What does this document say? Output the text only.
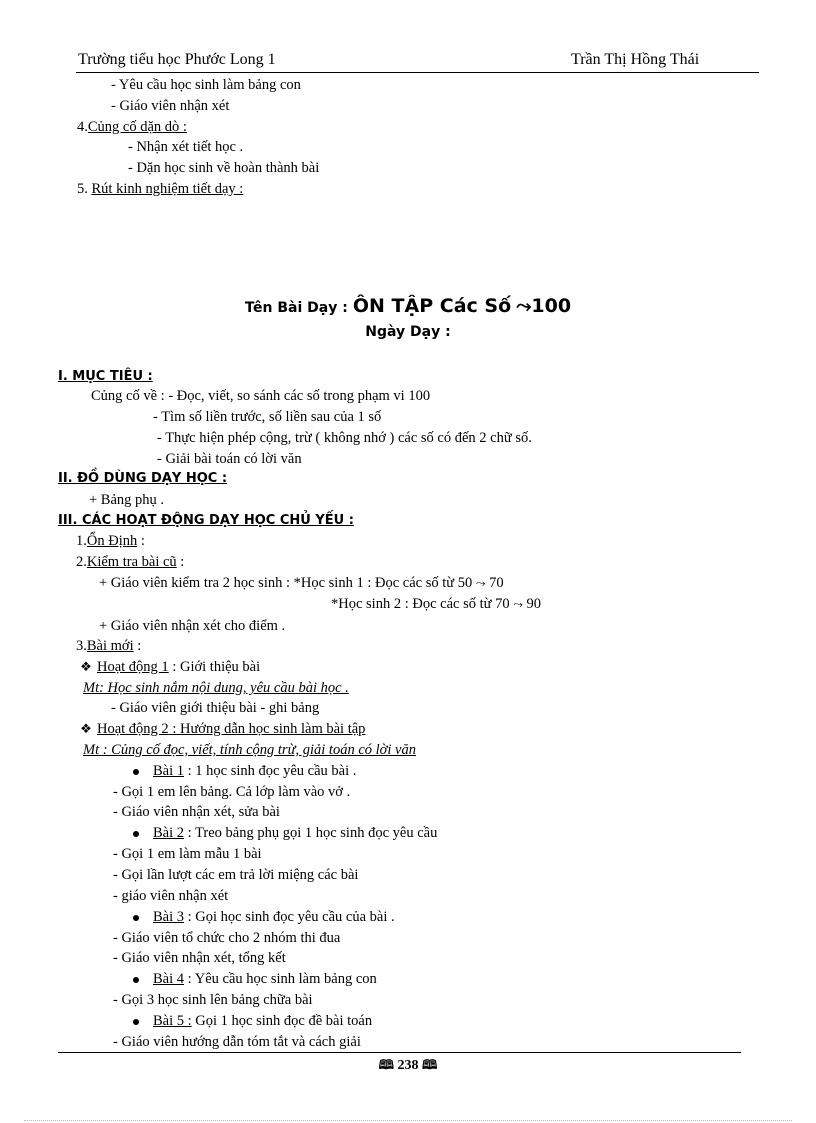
Trường tiểu học Phước Long 1	Trần Thị Hồng Thái
- Yêu cầu học sinh làm bảng con
- Giáo viên nhận xét
4.Củng cố dặn dò :
- Nhận xét tiết học .
- Dặn học sinh về hoàn thành bài
5. Rút kinh nghiệm tiết dạy :
Tên Bài Dạy : ÔN TẬP Các Số ⤳100
Ngày Dạy :
I. MỤC TIÊU :
Củng cố về : - Đọc, viết, so sánh các số trong phạm vi 100
- Tìm số liền trước, số liền sau của 1 số
- Thực hiện phép cộng, trừ ( không nhớ ) các số có đến 2 chữ số.
- Giải bài toán có lời văn
II. ĐỒ DÙNG DẠY HỌC :
+ Bảng phụ .
III. CÁC HOẠT ĐỘNG DẠY HỌC CHỦ YẾU :
1.Ổn Định :
2.Kiểm tra bài cũ :
+ Giáo viên kiểm tra 2 học sinh : *Học sinh 1 : Đọc các số từ 50 ⤳ 70
*Học sinh 2 : Đọc các số từ 70 ⤳ 90
+ Giáo viên nhận xét cho điểm .
3.Bài mới :
❖ Hoạt động 1 : Giới thiệu bài
Mt: Học sinh nắm nội dung, yêu cầu bài học .
- Giáo viên giới thiệu bài - ghi bảng
❖ Hoạt động 2 : Hướng dẫn học sinh làm bài tập
Mt : Củng cố đọc, viết, tính cộng trừ, giải toán có lời văn
Bài 1 : 1 học sinh đọc yêu cầu bài .
- Gọi 1 em lên bảng. Cả lớp làm vào vở .
- Giáo viên nhận xét, sửa bài
Bài 2 : Treo bảng phụ gọi 1 học sinh đọc yêu cầu
- Gọi 1 em làm mẫu 1 bài
- Gọi lần lượt các em trả lời miệng các bài
- giáo viên nhận xét
Bài 3 : Gọi học sinh đọc yêu cầu của bài .
- Giáo viên tổ chức cho 2 nhóm thi đua
- Giáo viên nhận xét, tổng kết
Bài 4 : Yêu cầu học sinh làm bảng con
- Gọi 3 học sinh lên bảng chữa bài
Bài 5 : Gọi 1 học sinh đọc đề bài toán
- Giáo viên hướng dẫn tóm tắt và cách giải
🕮 238 🕮
